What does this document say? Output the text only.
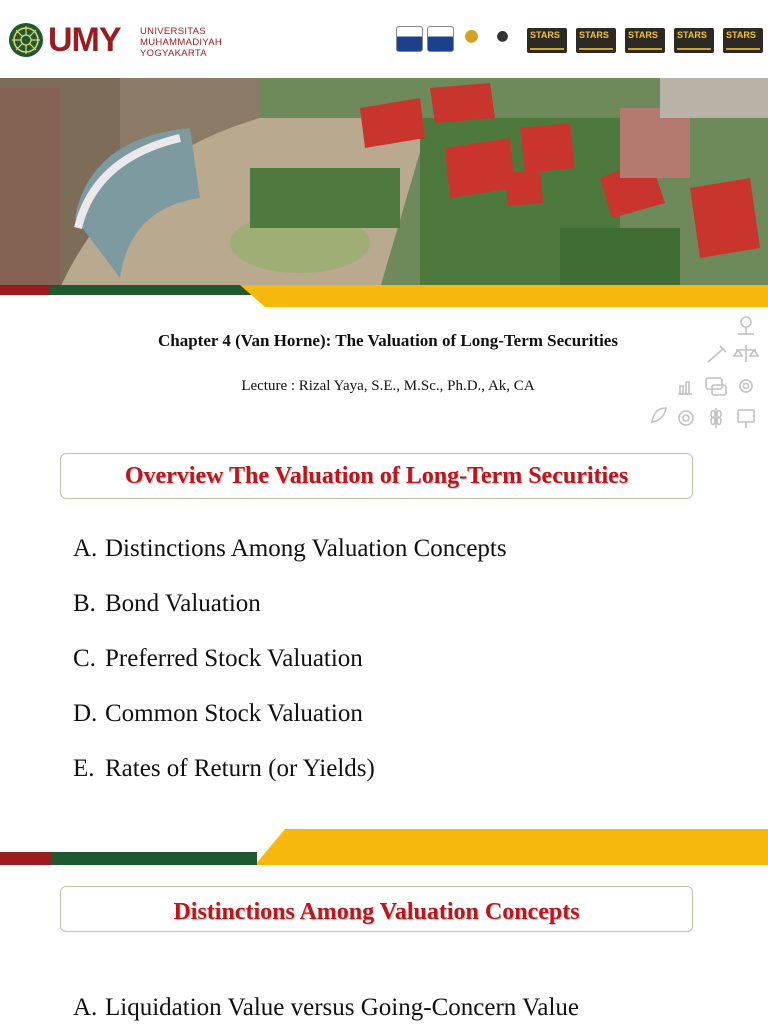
UMY UNIVERSITAS
MUHAMMADIYAH
YOGYAKARTA
STARS STARS STARS STARS STARS
Chapter 4 (Van Horne): The Valuation of Long-Term Securities
Lecture : Rizal Yaya, S.E., M.Sc., Ph.D., Ak, CA
Overview The Valuation of Long-Term Securities
A. Distinctions Among Valuation Concepts
B. Bond Valuation
C. Preferred Stock Valuation
D. Common Stock Valuation
E. Rates of Return (or Yields)
Distinctions Among Valuation Concepts
A. Liquidation Value versus Going-Concern Value
